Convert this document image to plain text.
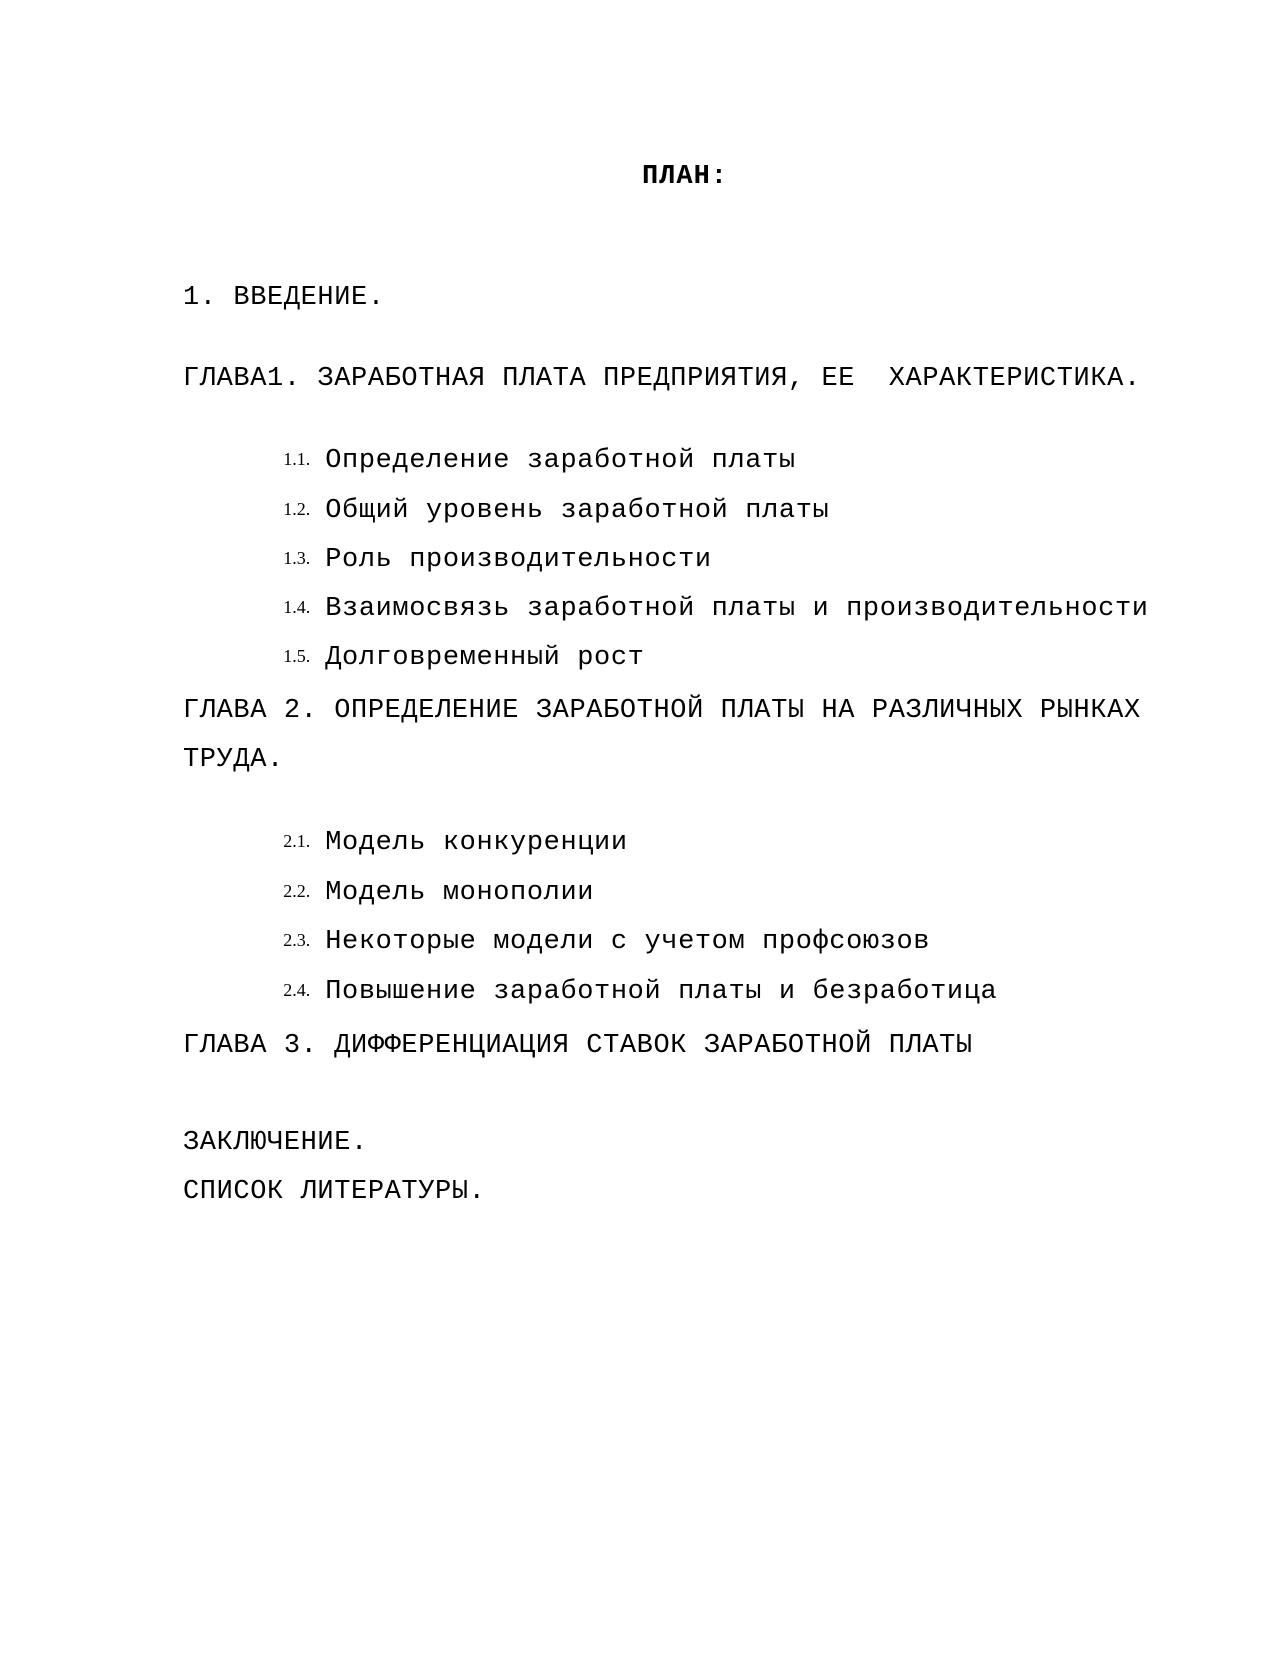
ПЛАН:
1. ВВЕДЕНИЕ.
ГЛАВА1. ЗАРАБОТНАЯ ПЛАТА ПРЕДПРИЯТИЯ, ЕЕ  ХАРАКТЕРИСТИКА.

1.1. Определение заработной платы

1.2. Общий уровень заработной платы

1.3. Роль производительности

1.4. Взаимосвязь заработной платы и производительности

1.5. Долговременный рост

ГЛАВА 2. ОПРЕДЕЛЕНИЕ ЗАРАБОТНОЙ ПЛАТЫ НА РАЗЛИЧНЫХ РЫНКАХ
ТРУДА.

2.1. Модель конкуренции

2.2. Модель монополии

2.3. Некоторые модели с учетом профсоюзов

2.4. Повышение заработной платы и безработица

ГЛАВА 3. ДИФФЕРЕНЦИАЦИЯ СТАВОК ЗАРАБОТНОЙ ПЛАТЫ
ЗАКЛЮЧЕНИЕ.
СПИСОК ЛИТЕРАТУРЫ.
